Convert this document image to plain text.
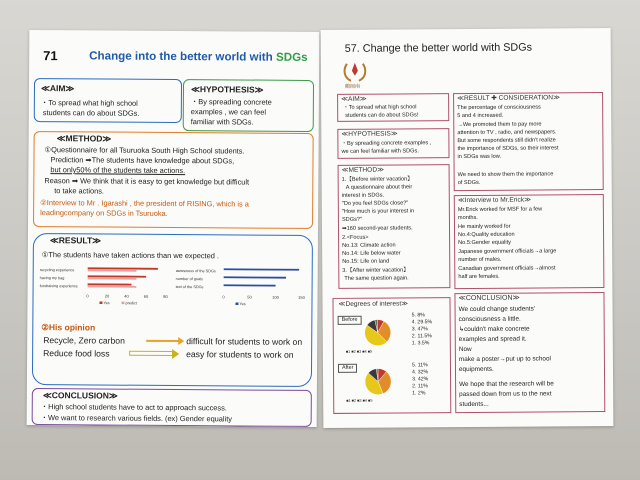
71	Change into the better world with SDGs
≪AIM≫
・To spread what high school
students can do about SDGs.
≪HYPOTHESIS≫
・By spreading concrete
examples , we can feel
familiar with SDGs.
≪METHOD≫
①Questionnaire for all Tsuruoka South High School students.
Prediction ➡The students have knowledge about SDGs,
but only50% of the students take actions.
Reason ➡ We think that it is easy to get knowledge but difficult
to take actions.
②Interview to Mr . Igarashi , the president of RISING, which is a
leadingcompany on SDGs in Tsuruoka.
≪RESULT≫
①The students have taken actions than we expected .
recycling experience
having my bag
fundraising experience
0	20	40	60	80
Yes	predict
awareness of the SDGs
number of goals
text of the SDGs
0	50	100	150
Yes
②His opinion
Recycle, Zero carbon	difficult for students to work on
Reduce food loss	easy for students to work on
≪CONCLUSION≫
・High school students have to act to approach success.
・We want to research various fields. (ex) Gender equality
57. Change the better world with SDGs
鶴岡南
≪AIM≫
・To spread what high school
students can do about SDGs!
≪HYPOTHESIS≫
・By spreading concrete examples ,
we can feel familiar with SDGs.
≪METHOD≫
1.【Before winter vacation】
A questionnaire about their
interest in SDGs.
"Do you feel SDGs close?"
"How much is your interest in
SDGs?"
➡160 second-year students.
2.<Focus>
No.13: Climate action
No.14: Life below water
No.15: Life on land
3.【After winter vacation】
The same question again.
≪Degrees of interest≫
Before
■1 ■2 ■3 ■4 ■5
5. 8%
4. 29.5%
3. 47%
2. 11.5%
1. 3.5%
After
■1 ■2 ■3 ■4 ■5
5. 11%
4. 32%
3. 42%
2. 11%
1. 2%
≪RESULT ✚ CONSIDERATION≫
The percentage of consciousness
5 and 4 increased.
→We promoted them to pay more
attention to TV , radio, and newspapers.
But some respondents still didn't realize
the importance of SDGs, so their interest
in SDGs was low.
We need to show them the importance
of SDGs.
≪Interview to Mr.Erick≫
Mr.Erick worked for MSF for a few
months.
He mainly worked for
No.4:Quality education
No.5:Gender equality
Japanese government officials→a large
number of males.
Canadian government officials→almost
half are females.
≪CONCLUSION≫
We could change students'
consciousness a little.
↳couldn't make concrete
examples and spread it.
Now
make a poster→put up to school
equipments.
We hope that the research will be
passed down from us to the next
students...
